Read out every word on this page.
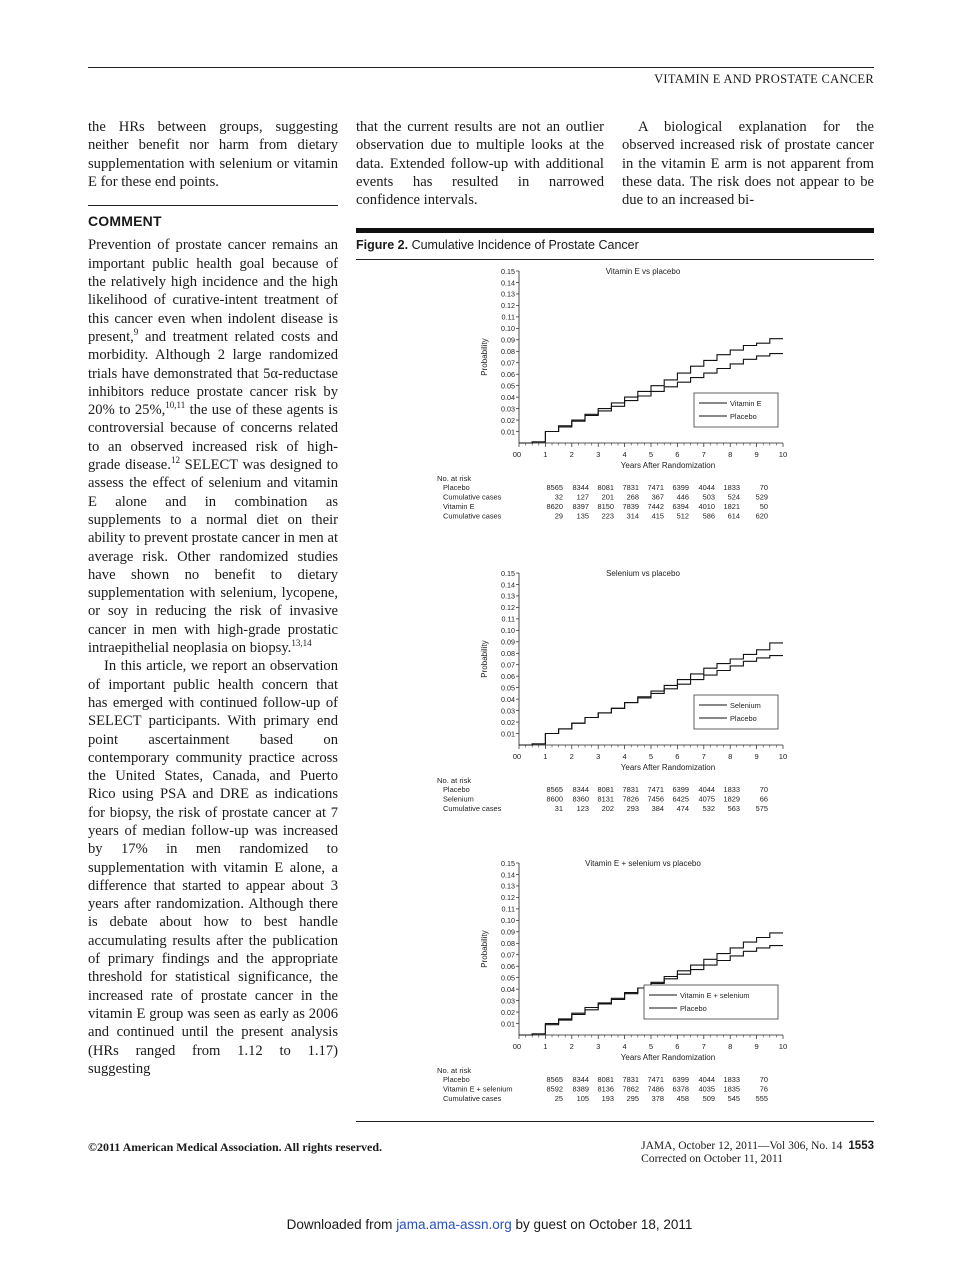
VITAMIN E AND PROSTATE CANCER

the HRs between groups, suggesting neither benefit nor harm from dietary supplementation with selenium or vitamin E for these end points.

COMMENT

Prevention of prostate cancer remains an important public health goal because of the relatively high incidence and the high likelihood of curative-intent treatment of this cancer even when indolent disease is present,$^9$ and treatment related costs and morbidity. Although 2 large randomized trials have demonstrated that 5α-reductase inhibitors reduce prostate cancer risk by 20% to 25%,$^{10,11}$ the use of these agents is controversial because of concerns related to an observed increased risk of high-grade disease.$^{12}$ SELECT was designed to assess the effect of selenium and vitamin E alone and in combination as supplements to a normal diet on their ability to prevent prostate cancer in men at average risk. Other randomized studies have shown no benefit to dietary supplementation with selenium, lycopene, or soy in reducing the risk of invasive cancer in men with high-grade prostatic intraepithelial neoplasia on biopsy.$^{13,14}$

In this article, we report an observation of important public health concern that has emerged with continued follow-up of SELECT participants. With primary end point ascertainment based on contemporary community practice across the United States, Canada, and Puerto Rico using PSA and DRE as indications for biopsy, the risk of prostate cancer at 7 years of median follow-up was increased by 17% in men randomized to supplementation with vitamin E alone, a difference that started to appear about 3 years after randomization. Although there is debate about how to best handle accumulating results after the publication of primary findings and the appropriate threshold for statistical significance, the increased rate of prostate cancer in the vitamin E group was seen as early as 2006 and continued until the present analysis (HRs ranged from 1.12 to 1.17) suggesting

that the current results are not an outlier observation due to multiple looks at the data. Extended follow-up with additional events has resulted in narrowed confidence intervals.

A biological explanation for the observed increased risk of prostate cancer in the vitamin E arm is not apparent from these data. The risk does not appear to be due to an increased bi-

Figure 2. Cumulative Incidence of Prostate Cancer
Vitamin E vs placebo
0.15
0.14
0.13
0.12
0.11
0.10
0.09
0.08
0.07
0.06
0.05
0.04
0.03
0.02
0.01
0	1	2	3	4	5	6	7	8	9	10
0
Years After Randomization
Probability
Vitamin E
Placebo
No. at risk
Placebo	8565 8344 8081 7831 7471 6399 4044 1833	70
Cumulative cases	32 127 201 268 367 446 503 524 529
Vitamin E	8620 8397 8150 7839 7442 6394 4010 1821	50
Cumulative cases	29 135 223 314 415 512 586 614 620
Selenium vs placebo
0.15
0.14
0.13
0.12
0.11
0.10
0.09
0.08
0.07
0.06
0.05
0.04
0.03
0.02
0.01
0	1	2	3	4	5	6	7	8	9	10
0
Years After Randomization
Probability
Selenium
Placebo
No. at risk
Placebo	8565 8344 8081 7831 7471 6399 4044 1833	70
Selenium	8600 8360 8131 7826 7456 6425 4075 1829	66
Cumulative cases	31 123 202 293 384 474 532 563 575
Vitamin E + selenium vs placebo
0.15
0.14
0.13
0.12
0.11
0.10
0.09
0.08
0.07
0.06
0.05
0.04
0.03
0.02
0.01
0	1	2	3	4	5	6	7	8	9	10
0
Years After Randomization
Probability
Vitamin E + selenium
Placebo
No. at risk
Placebo	8565 8344 8081 7831 7471 6399 4044 1833	70
Vitamin E + selenium	8592 8389 8136 7862 7486 6378 4035 1835	76
Cumulative cases	25 105 193 295 378 458 509 545 555
©2011 American Medical Association. All rights reserved.	JAMA, October 12, 2011—Vol 306, No. 14 1553
Corrected on October 11, 2011
Downloaded from jama.ama-assn.org by guest on October 18, 2011
